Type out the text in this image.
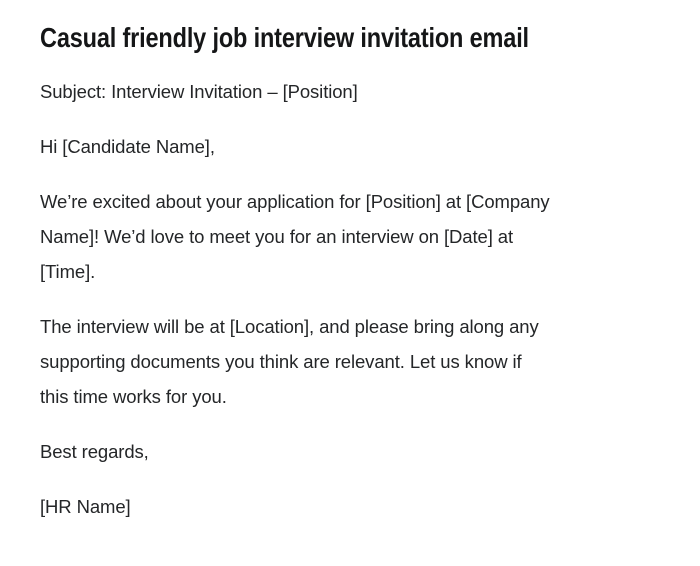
Casual friendly job interview invitation email

Subject: Interview Invitation – [Position]

Hi [Candidate Name],

We’re excited about your application for [Position] at [Company
Name]! We’d love to meet you for an interview on [Date] at
[Time].

The interview will be at [Location], and please bring along any
supporting documents you think are relevant. Let us know if
this time works for you.

Best regards,

[HR Name]
